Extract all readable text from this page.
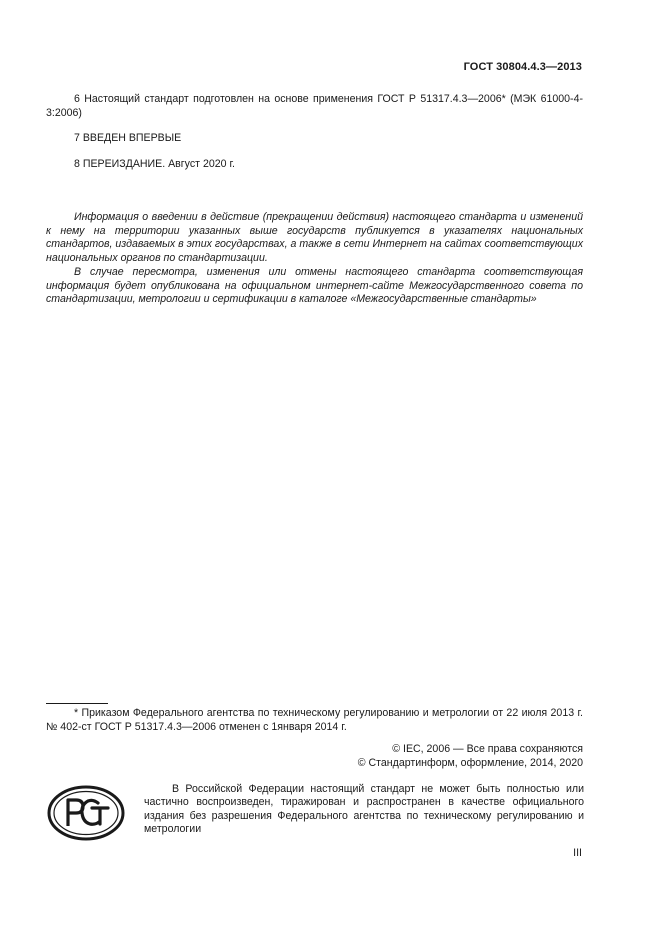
ГОСТ 30804.4.3—2013
6 Настоящий стандарт подготовлен на основе применения ГОСТ Р 51317.4.3—2006* (МЭК 61000-4-3:2006)
7 ВВЕДЕН ВПЕРВЫЕ
8 ПЕРЕИЗДАНИЕ. Август 2020 г.
Информация о введении в действие (прекращении действия) настоящего стандарта и изменений к нему на территории указанных выше государств публикуется в указателях национальных стандартов, издаваемых в этих государствах, а также в сети Интернет на сайтах соответствующих национальных органов по стандартизации.
В случае пересмотра, изменения или отмены настоящего стандарта соответствующая информация будет опубликована на официальном интернет-сайте Межгосударственного совета по стандартизации, метрологии и сертификации в каталоге «Межгосударственные стандарты»
* Приказом Федерального агентства по техническому регулированию и метрологии от 22 июля 2013 г. № 402-ст ГОСТ Р 51317.4.3—2006 отменен с 1января 2014 г.
© IEC, 2006 — Все права сохраняются
© Стандартинформ, оформление, 2014, 2020
В Российской Федерации настоящий стандарт не может быть полностью или частично воспроизведен, тиражирован и распространен в качестве официального издания без разрешения Федерального агентства по техническому регулированию и метрологии
III
